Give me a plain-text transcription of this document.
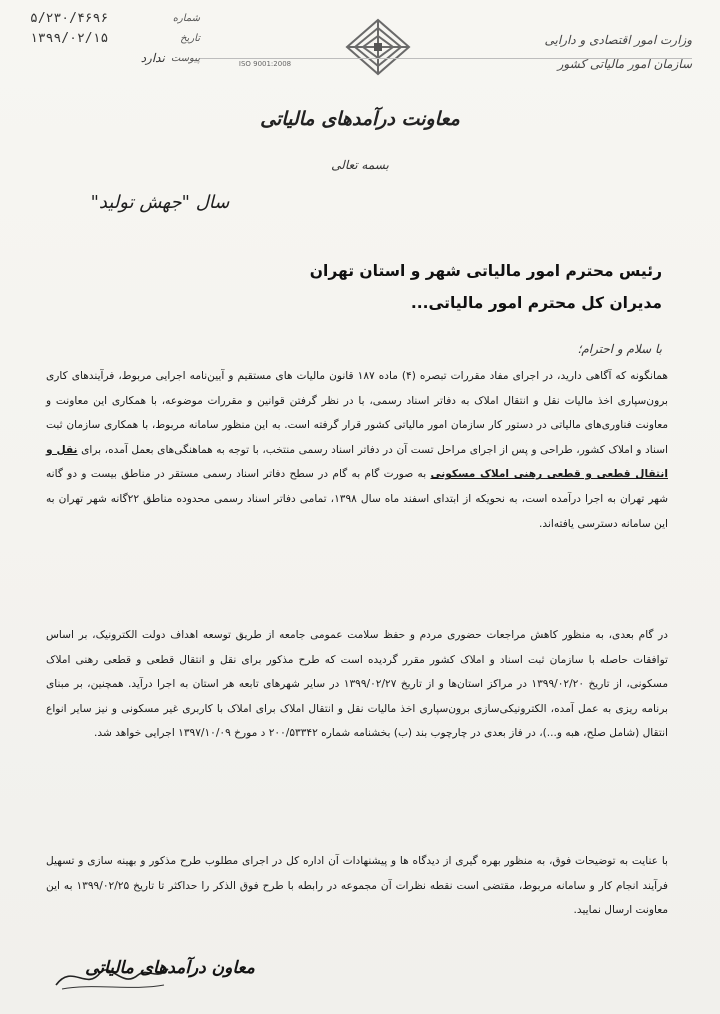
۵/۲۳۰/۴۶۹۶	شماره
۱۳۹۹/۰۲/۱۵	تاریخ
ندارد پیوست
ISO 9001:2008
وزارت امور اقتصادی و دارایی
سازمان امور مالیاتی کشور
معاونت درآمدهای مالیاتی
بسمه تعالی
سال "جهش تولید"
رئیس محترم امور مالیاتی شهر و استان تهران
مدیران کل محترم امور مالیاتی...
با سلام و احترام؛
همانگونه که آگاهی دارید، در اجرای مفاد مقررات تبصره (۴) ماده ۱۸۷ قانون مالیات های مستقیم و آیین‌نامه اجرایی مربوط، فرآیندهای کاری برون‌سپاری اخذ مالیات نقل و انتقال املاک به دفاتر اسناد رسمی، با در نظر گرفتن قوانین و مقررات موضوعه، با همکاری این معاونت و معاونت فناوری‌های مالیاتی در دستور کار سازمان امور مالیاتی کشور قرار گرفته است. به این منظور سامانه مربوط، با همکاری سازمان ثبت اسناد و املاک کشور، طراحی و پس از اجرای مراحل تست آن در دفاتر اسناد رسمی منتخب، با توجه به هماهنگی‌های بعمل آمده، برای نقل و انتقال قطعی و قطعی رهنی املاک مسکونی به صورت گام به گام در سطح دفاتر اسناد رسمی مستقر در مناطق بیست و دو گانه شهر تهران به اجرا درآمده است، به نحویکه از ابتدای اسفند ماه سال ۱۳۹۸، تمامی دفاتر اسناد رسمی محدوده مناطق ۲۲گانه شهر تهران به این سامانه دسترسی یافته‌اند.
در گام بعدی، به منظور کاهش مراجعات حضوری مردم و حفظ سلامت عمومی جامعه از طریق توسعه اهداف دولت الکترونیک، بر اساس توافقات حاصله با سازمان ثبت اسناد و املاک کشور مقرر گردیده است که طرح مذکور برای نقل و انتقال قطعی و قطعی رهنی املاک مسکونی، از تاریخ ۱۳۹۹/۰۲/۲۰ در مراکز استان‌ها و از تاریخ ۱۳۹۹/۰۲/۲۷ در سایر شهرهای تابعه هر استان به اجرا درآید. همچنین، بر مبنای برنامه ریزی به عمل آمده، الکترونیکی‌سازی برون‌سپاری اخذ مالیات نقل و انتقال املاک برای املاک با کاربری غیر مسکونی و نیز سایر انواع انتقال (شامل صلح، هبه و...)، در فاز بعدی در چارچوب بند (ب) بخشنامه شماره ۲۰۰/۵۳۳۴۲ د مورخ ۱۳۹۷/۱۰/۰۹ اجرایی خواهد شد.
با عنایت به توضیحات فوق، به منظور بهره گیری از دیدگاه ها و پیشنهادات آن اداره کل در اجرای مطلوب طرح مذکور و بهینه سازی و تسهیل فرآیند انجام کار و سامانه مربوط، مقتضی است نقطه نظرات آن مجموعه در رابطه با طرح فوق الذکر را حداکثر تا تاریخ ۱۳۹۹/۰۲/۲۵ به این معاونت ارسال نمایید.
معاون درآمدهای مالیاتی
